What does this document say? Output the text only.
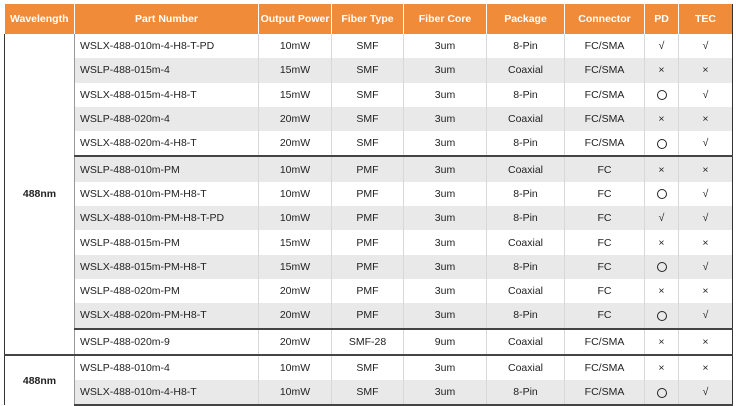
Wavelength	Part Number	Output Power	Fiber Type	Fiber Core	Package	Connector	PD	TEC
488nm	WSLX-488-010m-4-H8-T-PD	10mW	SMF	3um	8-Pin	FC/SMA	√	√
	WSLP-488-015m-4	15mW	SMF	3um	Coaxial	FC/SMA	×	×
	WSLX-488-015m-4-H8-T	15mW	SMF	3um	8-Pin	FC/SMA		√
	WSLP-488-020m-4	20mW	SMF	3um	Coaxial	FC/SMA	×	×
	WSLX-488-020m-4-H8-T	20mW	SMF	3um	8-Pin	FC/SMA		√
	WSLP-488-010m-PM	10mW	PMF	3um	Coaxial	FC	×	×
	WSLX-488-010m-PM-H8-T	10mW	PMF	3um	8-Pin	FC		√
	WSLX-488-010m-PM-H8-T-PD	10mW	PMF	3um	8-Pin	FC	√	√
	WSLP-488-015m-PM	15mW	PMF	3um	Coaxial	FC	×	×
	WSLX-488-015m-PM-H8-T	15mW	PMF	3um	8-Pin	FC		√
	WSLP-488-020m-PM	20mW	PMF	3um	Coaxial	FC	×	×
	WSLX-488-020m-PM-H8-T	20mW	PMF	3um	8-Pin	FC		√
	WSLP-488-020m-9	20mW	SMF-28	9um	Coaxial	FC/SMA	×	×
488nm	WSLP-488-010m-4	10mW	SMF	3um	Coaxial	FC/SMA	×	×
	WSLX-488-010m-4-H8-T	10mW	SMF	3um	8-Pin	FC/SMA		√
